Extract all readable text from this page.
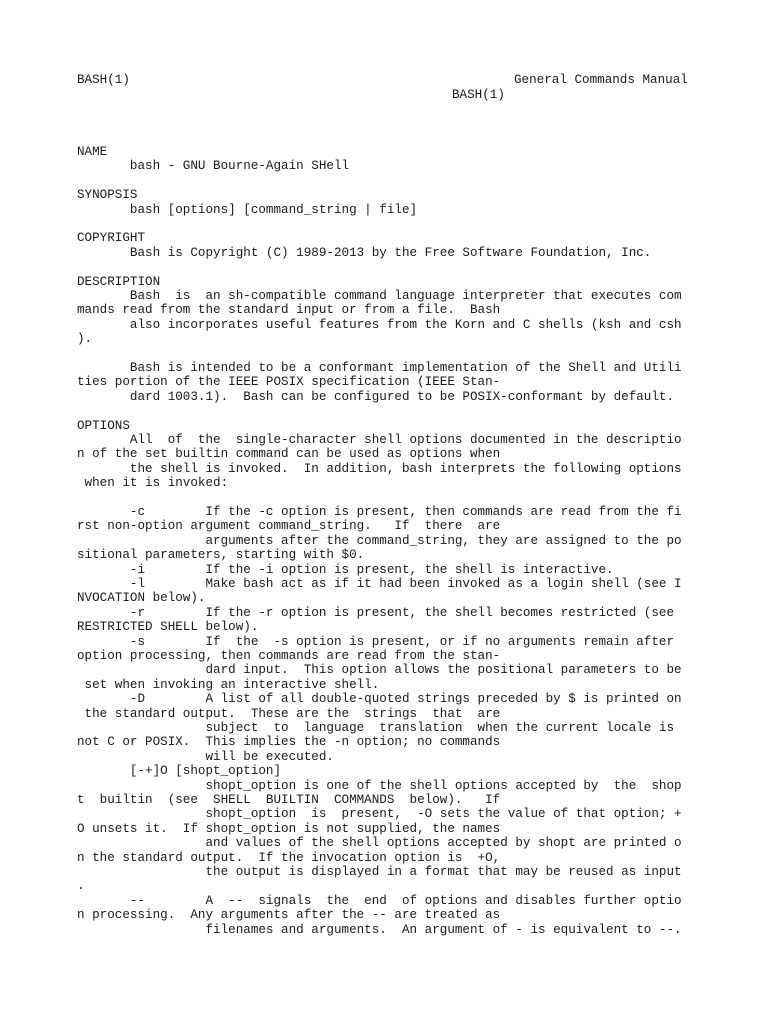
BASH(1)	General Commands Manual
BASH(1)
NAME
bash - GNU Bourne-Again SHell
SYNOPSIS
bash [options] [command_string | file]
COPYRIGHT
Bash is Copyright (C) 1989-2013 by the Free Software Foundation, Inc.
DESCRIPTION
Bash  is  an sh-compatible command language interpreter that executes com
mands read from the standard input or from a file.  Bash
also incorporates useful features from the Korn and C shells (ksh and csh
).
Bash is intended to be a conformant implementation of the Shell and Utili
ties portion of the IEEE POSIX specification (IEEE Stan-
dard 1003.1).  Bash can be configured to be POSIX-conformant by default.
OPTIONS
All  of  the  single-character shell options documented in the descriptio
n of the set builtin command can be used as options when
the shell is invoked.  In addition, bash interprets the following options
when it is invoked:
-c        If the -c option is present, then commands are read from the fi
rst non-option argument command_string.   If  there  are
arguments after the command_string, they are assigned to the po
sitional parameters, starting with $0.
-i        If the -i option is present, the shell is interactive.
-l        Make bash act as if it had been invoked as a login shell (see I
NVOCATION below).
-r        If the -r option is present, the shell becomes restricted (see
RESTRICTED SHELL below).
-s        If  the  -s option is present, or if no arguments remain after
option processing, then commands are read from the stan-
dard input.  This option allows the positional parameters to be
set when invoking an interactive shell.
-D        A list of all double-quoted strings preceded by $ is printed on
the standard output.  These are the  strings  that  are
subject  to  language  translation  when the current locale is
not C or POSIX.  This implies the -n option; no commands
will be executed.
[-+]O [shopt_option]
shopt_option is one of the shell options accepted by  the  shop
t  builtin  (see  SHELL  BUILTIN  COMMANDS  below).   If
shopt_option  is  present,  -O sets the value of that option; +
O unsets it.  If shopt_option is not supplied, the names
and values of the shell options accepted by shopt are printed o
n the standard output.  If the invocation option is  +O,
the output is displayed in a format that may be reused as input
.
--        A  --  signals  the  end  of options and disables further optio
n processing.  Any arguments after the -- are treated as
filenames and arguments.  An argument of - is equivalent to --.
